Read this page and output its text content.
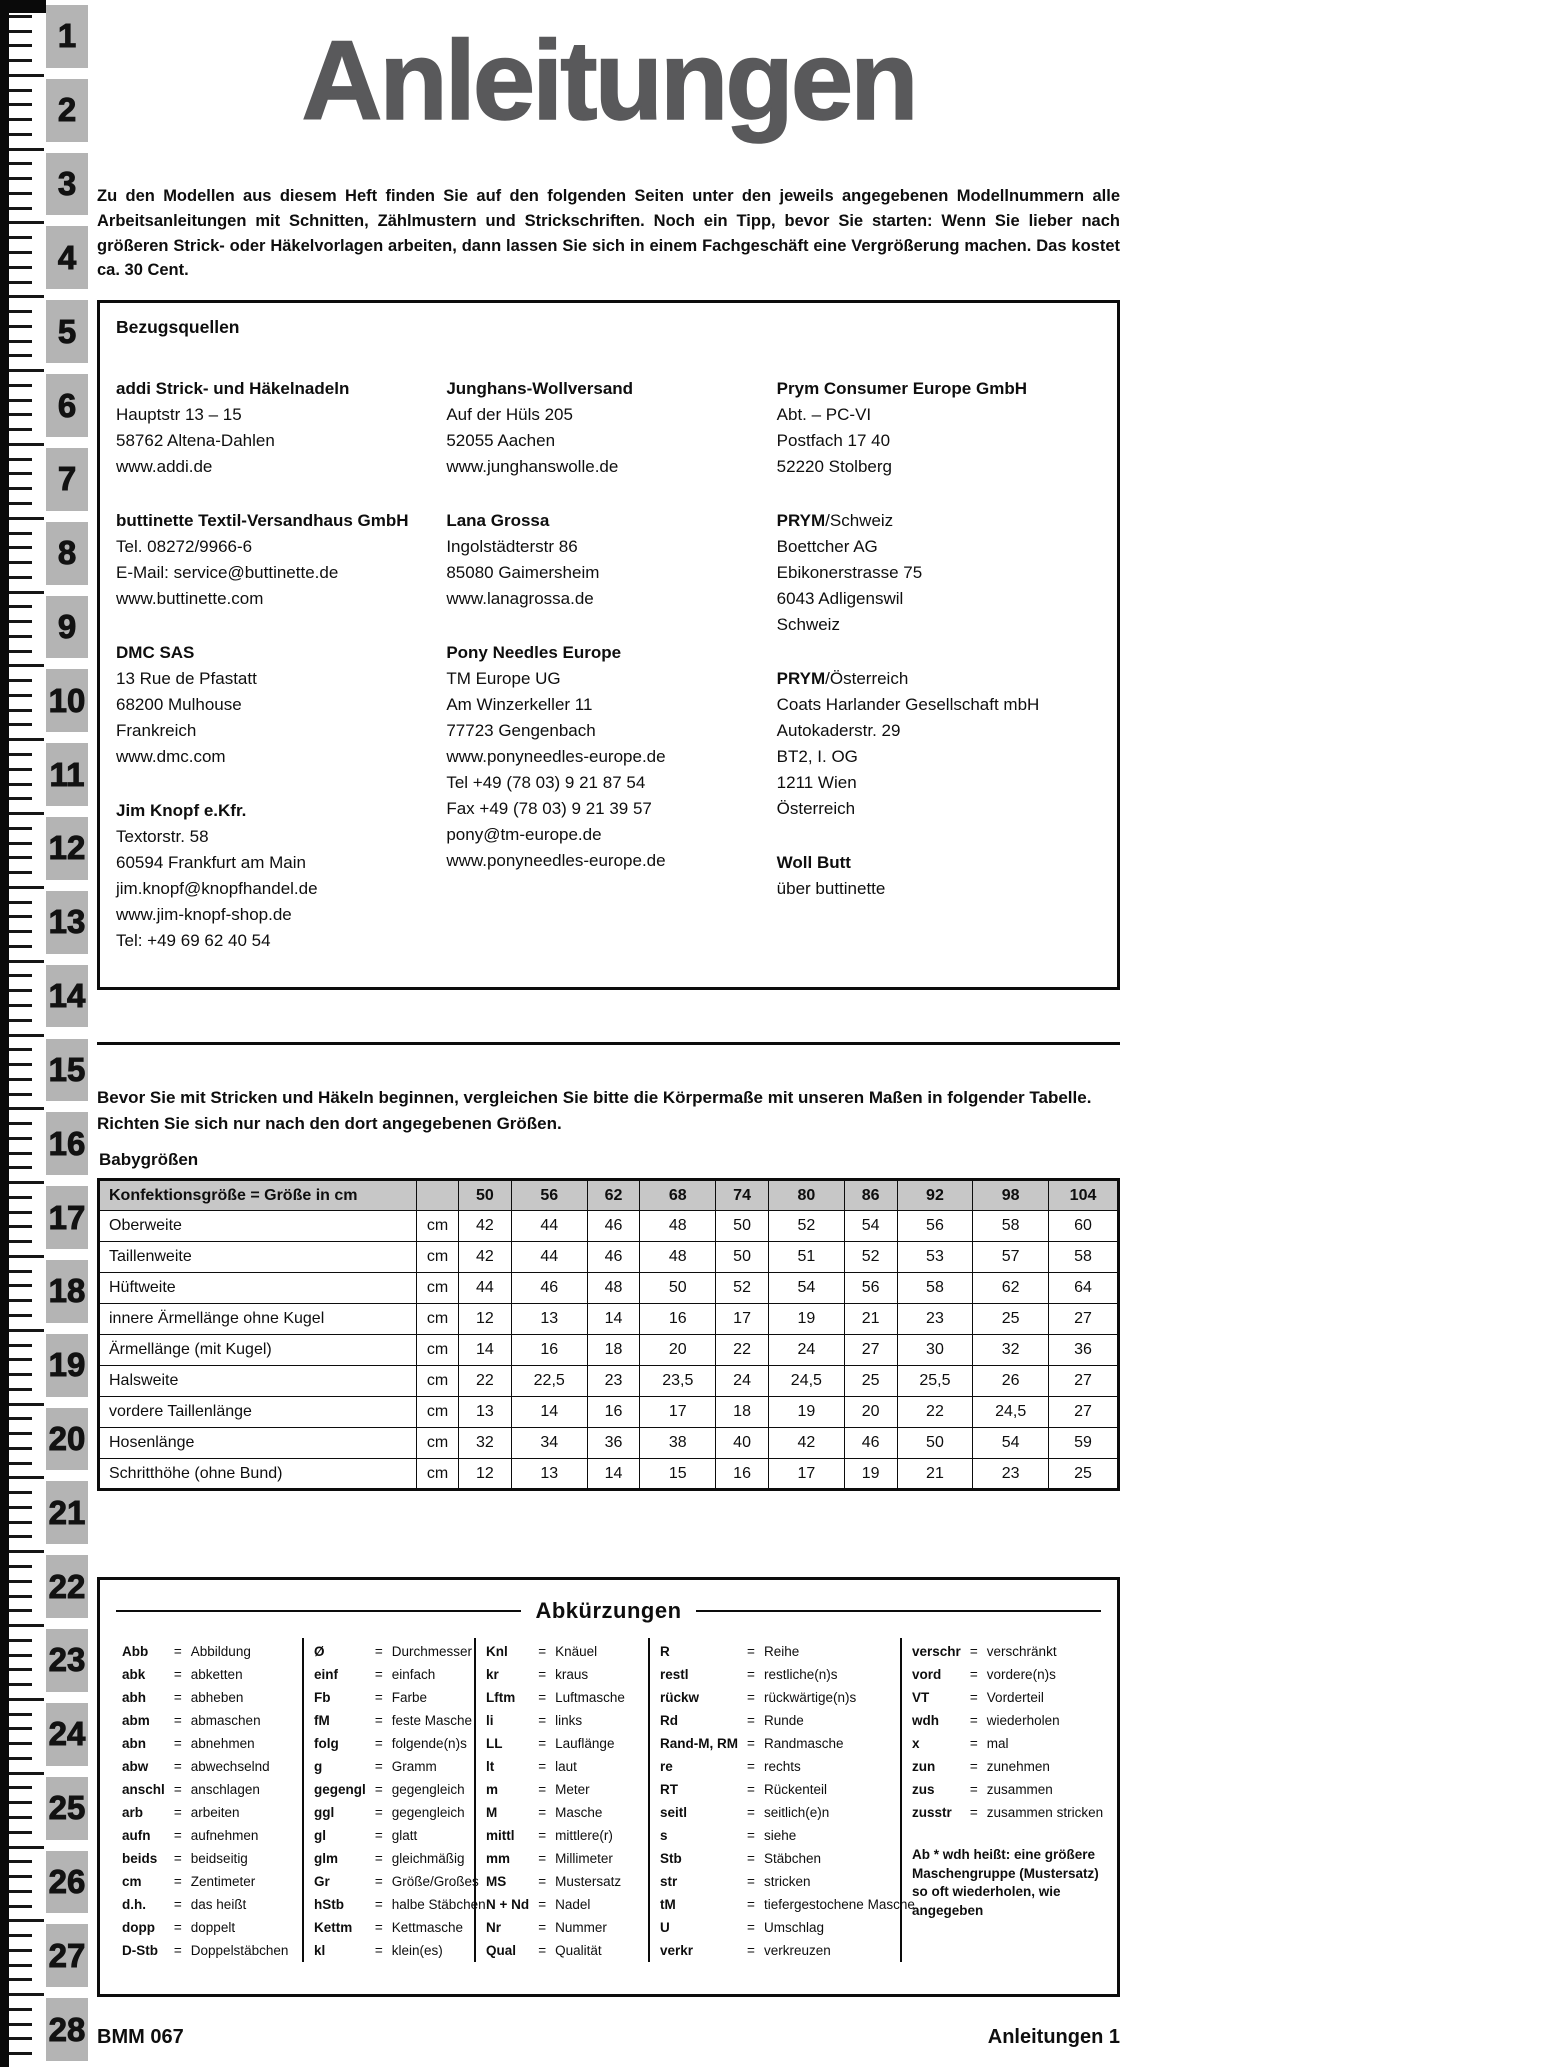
1
2
3
4
5
6
7
8
9
10
11
12
13
14
15
16
17
18
19
20
21
22
23
24
25
26
27
28
Anleitungen

Zu den Modellen aus diesem Heft finden Sie auf den folgenden Seiten unter den jeweils angegebenen Modellnummern alle Arbeitsanleitungen mit Schnitten, Zählmustern und Strickschriften. Noch ein Tipp, bevor Sie starten: Wenn Sie lieber nach größeren Strick- oder Häkelvorlagen arbeiten, dann lassen Sie sich in einem Fachgeschäft eine Vergrößerung machen. Das kostet ca. 30 Cent.

Bezugsquellen
addi Strick- und Häkelnadeln
Hauptstr 13 – 15
58762 Altena-Dahlen
www.addi.de
buttinette Textil-Versandhaus GmbH
Tel. 08272/9966-6
E-Mail: service@buttinette.de
www.buttinette.com
DMC SAS
13 Rue de Pfastatt
68200 Mulhouse
Frankreich
www.dmc.com
Jim Knopf e.Kfr.
Textorstr. 58
60594 Frankfurt am Main
jim.knopf@knopfhandel.de
www.jim-knopf-shop.de
Tel: +49 69 62 40 54
Junghans-Wollversand
Auf der Hüls 205
52055 Aachen
www.junghanswolle.de
Lana Grossa
Ingolstädterstr 86
85080 Gaimersheim
www.lanagrossa.de
Pony Needles Europe
TM Europe UG
Am Winzerkeller 11
77723 Gengenbach
www.ponyneedles-europe.de
Tel +49 (78 03) 9 21 87 54
Fax +49 (78 03) 9 21 39 57
pony@tm-europe.de
www.ponyneedles-europe.de
Prym Consumer Europe GmbH
Abt. – PC-VI
Postfach 17 40
52220 Stolberg
PRYM/Schweiz
Boettcher AG
Ebikonerstrasse 75
6043 Adligenswil
Schweiz
PRYM/Österreich
Coats Harlander Gesellschaft mbH
Autokaderstr. 29
BT2, I. OG
1211 Wien
Österreich
Woll Butt
über buttinette
Bevor Sie mit Stricken und Häkeln beginnen, vergleichen Sie bitte die Körpermaße mit unseren Maßen in folgender Tabelle.
Richten Sie sich nur nach den dort angegebenen Größen.
Babygrößen
Konfektionsgröße = Größe in cm		50	56	62	68	74	80	86	92	98	104
Oberweite	cm	42	44	46	48	50	52	54	56	58	60
Taillenweite	cm	42	44	46	48	50	51	52	53	57	58
Hüftweite	cm	44	46	48	50	52	54	56	58	62	64
innere Ärmellänge ohne Kugel	cm	12	13	14	16	17	19	21	23	25	27
Ärmellänge (mit Kugel)	cm	14	16	18	20	22	24	27	30	32	36
Halsweite	cm	22	22,5	23	23,5	24	24,5	25	25,5	26	27
vordere Taillenlänge	cm	13	14	16	17	18	19	20	22	24,5	27
Hosenlänge	cm	32	34	36	38	40	42	46	50	54	59
Schritthöhe (ohne Bund)	cm	12	13	14	15	16	17	19	21	23	25
Abkürzungen
Abb	= Abbildung
abk	= abketten
abh	= abheben
abm	= abmaschen
abn	= abnehmen
abw	= abwechselnd
anschl = anschlagen
arb	= arbeiten
aufn	= aufnehmen
beids	= beidseitig
cm	= Zentimeter
d.h.	= das heißt
dopp	= doppelt
D-Stb	= Doppelstäbchen
Ø	= Durchmesser
einf	= einfach
Fb	= Farbe
fM	= feste Masche
folg	= folgende(n)s
g	= Gramm
gegengl = gegengleich
ggl	= gegengleich
gl	= glatt
glm	= gleichmäßig
Gr	= Größe/Großes
hStb	= halbe Stäbchen
Kettm	= Kettmasche
kl	= klein(es)
Knl	= Knäuel
kr	= kraus
Lftm	= Luftmasche
li	= links
LL	= Lauflänge
lt	= laut
m	= Meter
M	= Masche
mittl	= mittlere(r)
mm	= Millimeter
MS	= Mustersatz
N + Nd = Nadel
Nr	= Nummer
Qual	= Qualität
R	= Reihe
restl	= restliche(n)s
rückw	= rückwärtige(n)s
Rd	= Runde
Rand-M, RM = Randmasche
re	= rechts
RT	= Rückenteil
seitl	= seitlich(e)n
s	= siehe
Stb	= Stäbchen
str	= stricken
tM	= tiefergestochene Masche
U	= Umschlag
verkr	= verkreuzen
verschr = verschränkt
vord	= vordere(n)s
VT	= Vorderteil
wdh	= wiederholen
x	= mal
zun	= zunehmen
zus	= zusammen
zusstr	= zusammen stricken
Ab * wdh heißt: eine größere Maschengruppe (Mustersatz) so oft wiederholen, wie angegeben
BMM 067	Anleitungen 1
